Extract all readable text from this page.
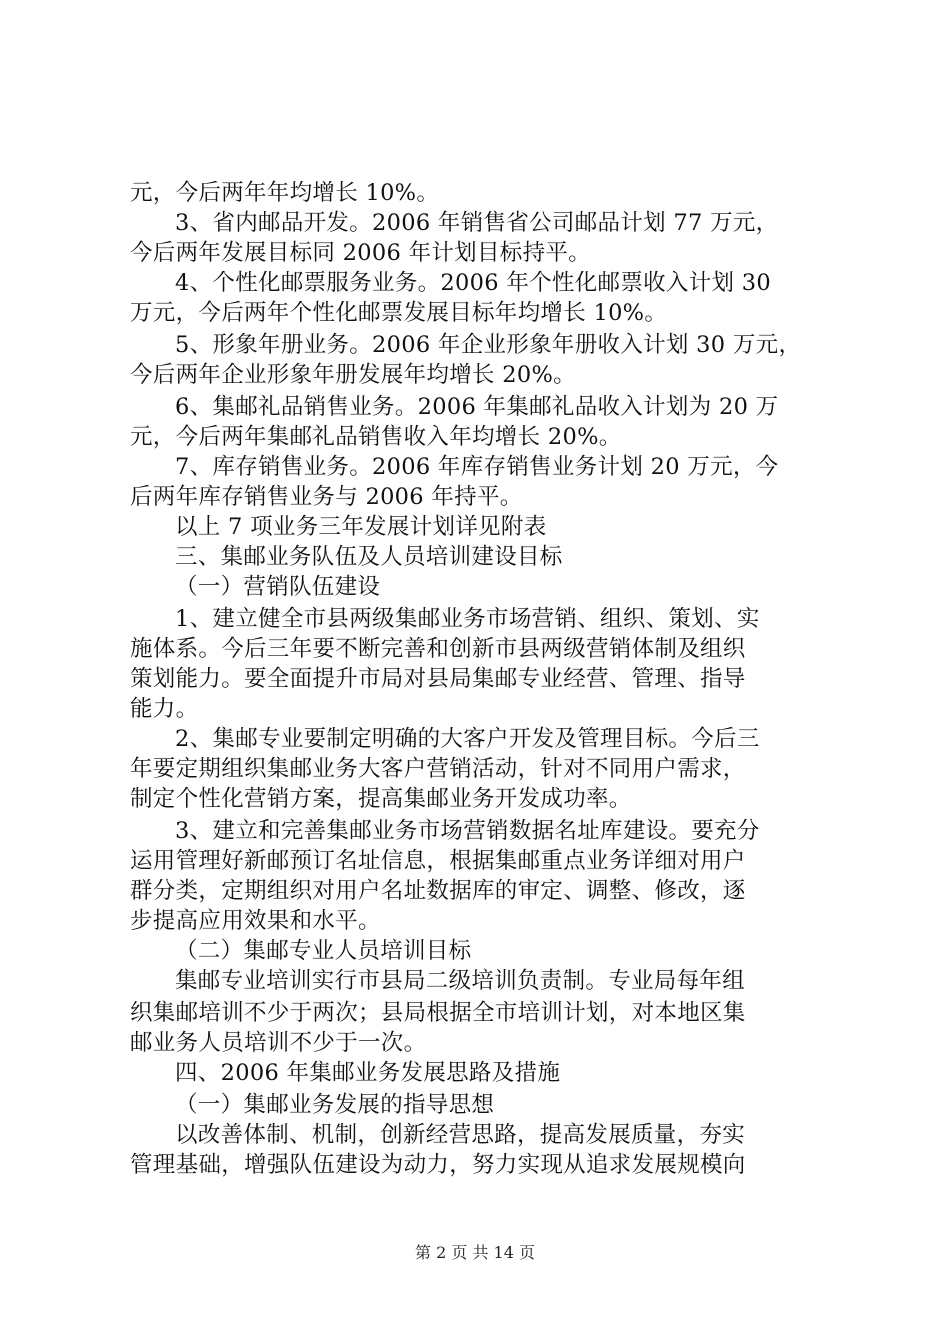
元，今后两年年均增长 10%。
3、省内邮品开发。2006 年销售省公司邮品计划 77 万元，
今后两年发展目标同 2006 年计划目标持平。
4、个性化邮票服务业务。2006 年个性化邮票收入计划 30
万元，今后两年个性化邮票发展目标年均增长 10%。
5、形象年册业务。2006 年企业形象年册收入计划 30 万元，
今后两年企业形象年册发展年均增长 20%。
6、集邮礼品销售业务。2006 年集邮礼品收入计划为 20 万
元，今后两年集邮礼品销售收入年均增长 20%。
7、库存销售业务。2006 年库存销售业务计划 20 万元，今
后两年库存销售业务与 2006 年持平。
以上 7 项业务三年发展计划详见附表
三、集邮业务队伍及人员培训建设目标
（一）营销队伍建设
1、建立健全市县两级集邮业务市场营销、组织、策划、实
施体系。今后三年要不断完善和创新市县两级营销体制及组织
策划能力。要全面提升市局对县局集邮专业经营、管理、指导
能力。
2、集邮专业要制定明确的大客户开发及管理目标。今后三
年要定期组织集邮业务大客户营销活动，针对不同用户需求，
制定个性化营销方案，提高集邮业务开发成功率。
3、建立和完善集邮业务市场营销数据名址库建设。要充分
运用管理好新邮预订名址信息，根据集邮重点业务详细对用户
群分类，定期组织对用户名址数据库的审定、调整、修改，逐
步提高应用效果和水平。
（二）集邮专业人员培训目标
集邮专业培训实行市县局二级培训负责制。专业局每年组
织集邮培训不少于两次；县局根据全市培训计划，对本地区集
邮业务人员培训不少于一次。
四、2006 年集邮业务发展思路及措施
（一）集邮业务发展的指导思想
以改善体制、机制，创新经营思路，提高发展质量，夯实
管理基础，增强队伍建设为动力，努力实现从追求发展规模向
第 2 页 共 14 页
